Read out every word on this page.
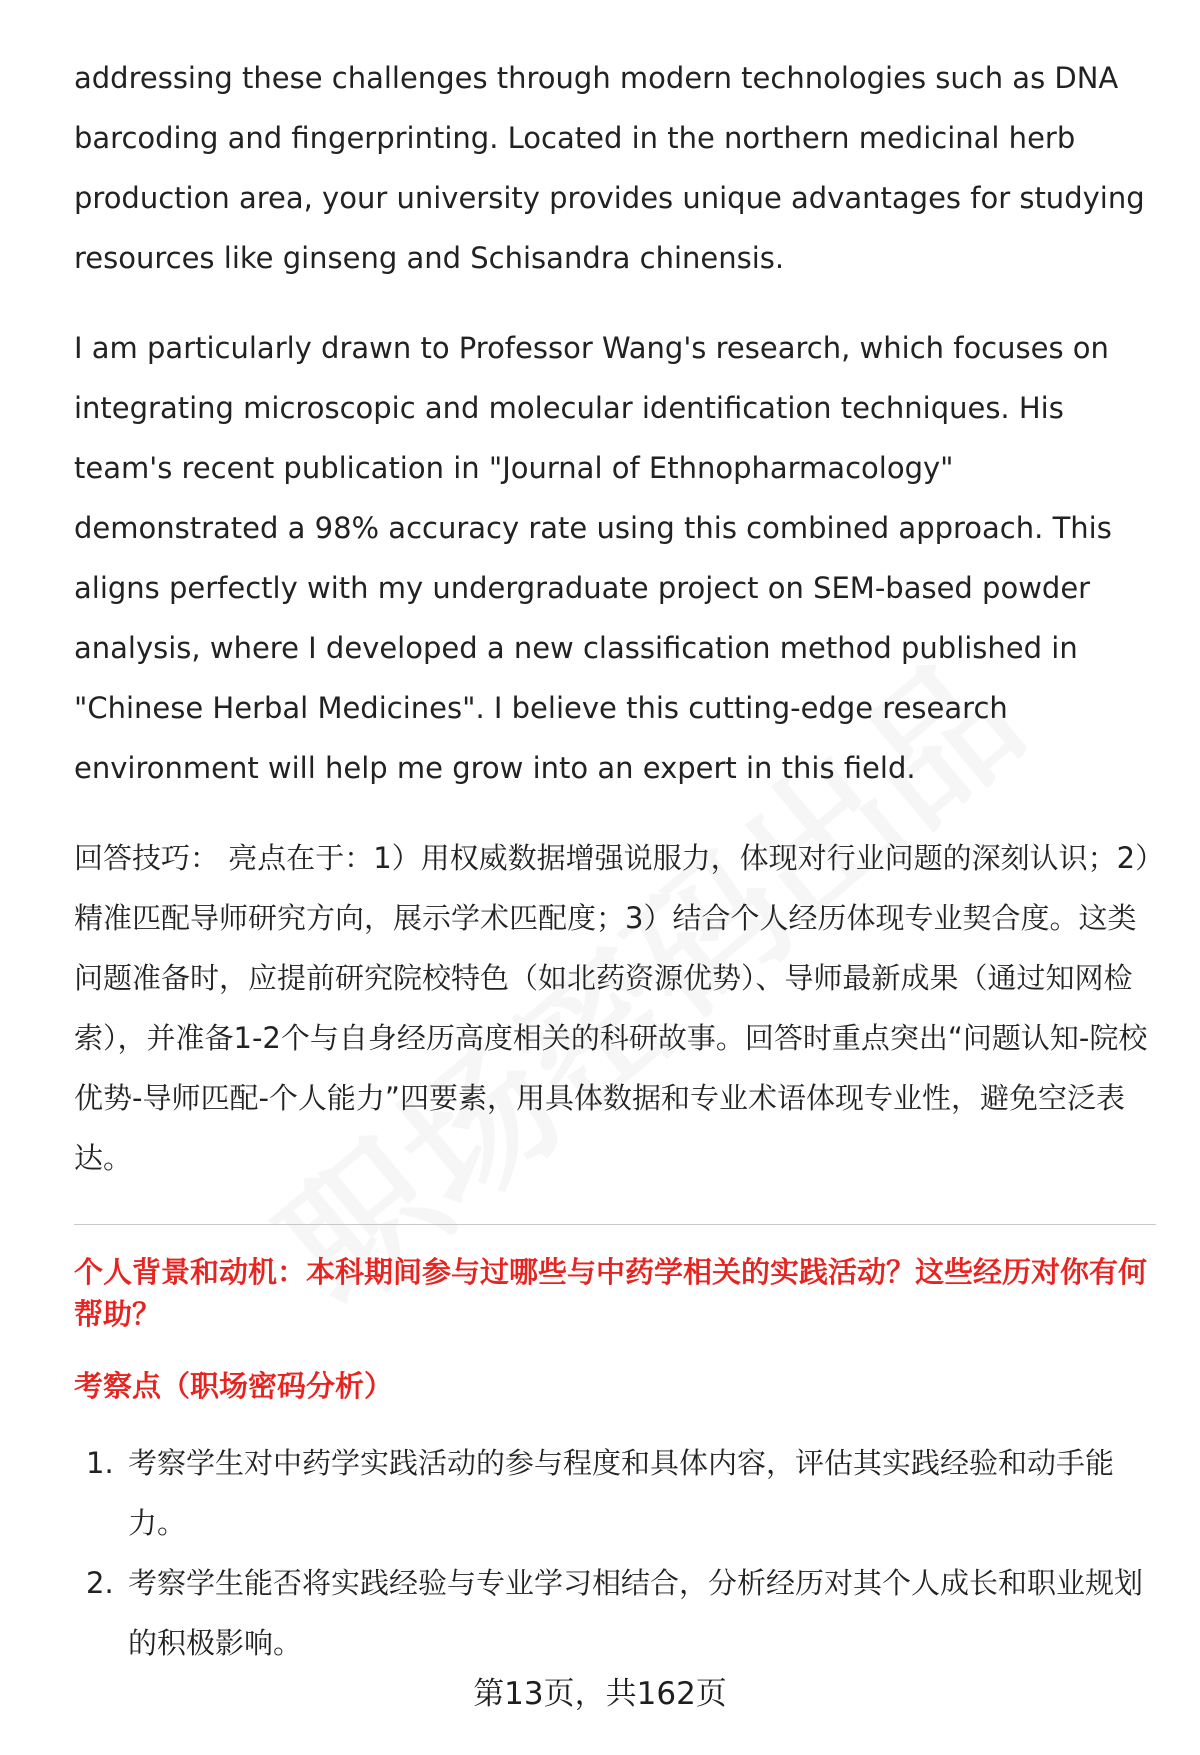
addressing these challenges through modern technologies such as DNA barcoding and fingerprinting. Located in the northern medicinal herb production area, your university provides unique advantages for studying resources like ginseng and Schisandra chinensis.

I am particularly drawn to Professor Wang's research, which focuses on integrating microscopic and molecular identification techniques. His team's recent publication in "Journal of Ethnopharmacology" demonstrated a 98% accuracy rate using this combined approach. This aligns perfectly with my undergraduate project on SEM-based powder analysis, where I developed a new classification method published in "Chinese Herbal Medicines". I believe this cutting-edge research environment will help me grow into an expert in this field.

回答技巧： 亮点在于：1）用权威数据增强说服力，体现对行业问题的深刻认识；2）精准匹配导师研究方向，展示学术匹配度；3）结合个人经历体现专业契合度。这类问题准备时，应提前研究院校特色（如北药资源优势）、导师最新成果（通过知网检索），并准备1-2个与自身经历高度相关的科研故事。回答时重点突出“问题认知-院校优势-导师匹配-个人能力”四要素，用具体数据和专业术语体现专业性，避免空泛表达。

个人背景和动机：本科期间参与过哪些与中药学相关的实践活动？这些经历对你有何帮助？
考察点（职场密码分析）
1. 考察学生对中药学实践活动的参与程度和具体内容，评估其实践经验和动手能力。
2. 考察学生能否将实践经验与专业学习相结合，分析经历对其个人成长和职业规划的积极影响。
第13页，共162页
